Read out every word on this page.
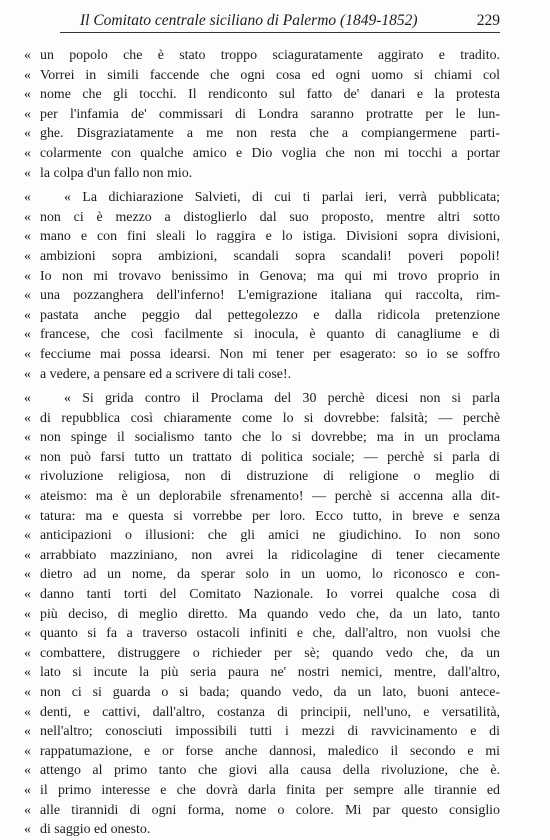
Il Comitato centrale siciliano di Palermo (1849-1852)	229
« un popolo che è stato troppo sciaguratamente aggirato e tradito.
« Vorrei in simili faccende che ogni cosa ed ogni uomo si chiami col
« nome che gli tocchi. Il rendiconto sul fatto de' danari e la protesta
« per l'infamia de' commissari di Londra saranno protratte per le lun-
« ghe. Disgraziatamente a me non resta che a compiangermene parti-
« colarmente con qualche amico e Dio voglia che non mi tocchi a portar
« la colpa d'un fallo non mio.
«	« La dichiarazione Salvieti, di cui ti parlai ieri, verrà pubblicata;
« non ci è mezzo a distoglierlo dal suo proposto, mentre altri sotto
« mano e con fini sleali lo raggira e lo istiga. Divisioni sopra divisioni,
« ambizioni sopra ambizioni, scandali sopra scandali! poveri popoli!
« Io non mi trovavo benissimo in Genova; ma qui mi trovo proprio in
« una pozzanghera dell'inferno! L'emigrazione italiana qui raccolta, rim-
« pastata anche peggio dal pettegolezzo e dalla ridicola pretenzione
« francese, che così facilmente si inocula, è quanto di canagliume e di
« fecciume mai possa idearsi. Non mi tener per esagerato: so io se soffro
« a vedere, a pensare ed a scrivere di tali cose!.
«	« Si grida contro il Proclama del 30 perchè dicesi non si parla
« di repubblica così chiaramente come lo si dovrebbe: falsità; — perchè
« non spinge il socialismo tanto che lo si dovrebbe; ma in un proclama
« non può farsi tutto un trattato di politica sociale; — perchè si parla di
« rivoluzione religiosa, non di distruzione di religione o meglio di
« ateismo: ma è un deplorabile sfrenamento! — perchè si accenna alla dit-
« tatura: ma e questa si vorrebbe per loro. Ecco tutto, in breve e senza
« anticipazioni o illusioni: che gli amici ne giudichino. Io non sono
« arrabbiato mazziniano, non avrei la ridicolagine di tener ciecamente
« dietro ad un nome, da sperar solo in un uomo, lo riconosco e con-
« danno tanti torti del Comitato Nazionale. Io vorrei qualche cosa di
« più deciso, di meglio diretto. Ma quando vedo che, da un lato, tanto
« quanto si fa a traverso ostacoli infiniti e che, dall'altro, non vuolsi che
« combattere, distruggere o richieder per sè; quando vedo che, da un
« lato si incute la più seria paura ne' nostri nemici, mentre, dall'altro,
« non ci si guarda o si bada; quando vedo, da un lato, buoni antece-
« denti, e cattivi, dall'altro, costanza di principii, nell'uno, e versatilità,
« nell'altro; conosciuti impossibili tutti i mezzi di ravvicinamento e di
« rappatumazione, e or forse anche dannosi, maledico il secondo e mi
« attengo al primo tanto che giovi alla causa della rivoluzione, che è.
« il primo interesse e che dovrà darla finita per sempre alle tirannie ed
« alle tirannidi di ogni forma, nome o colore. Mi par questo consiglio
« di saggio ed onesto.
